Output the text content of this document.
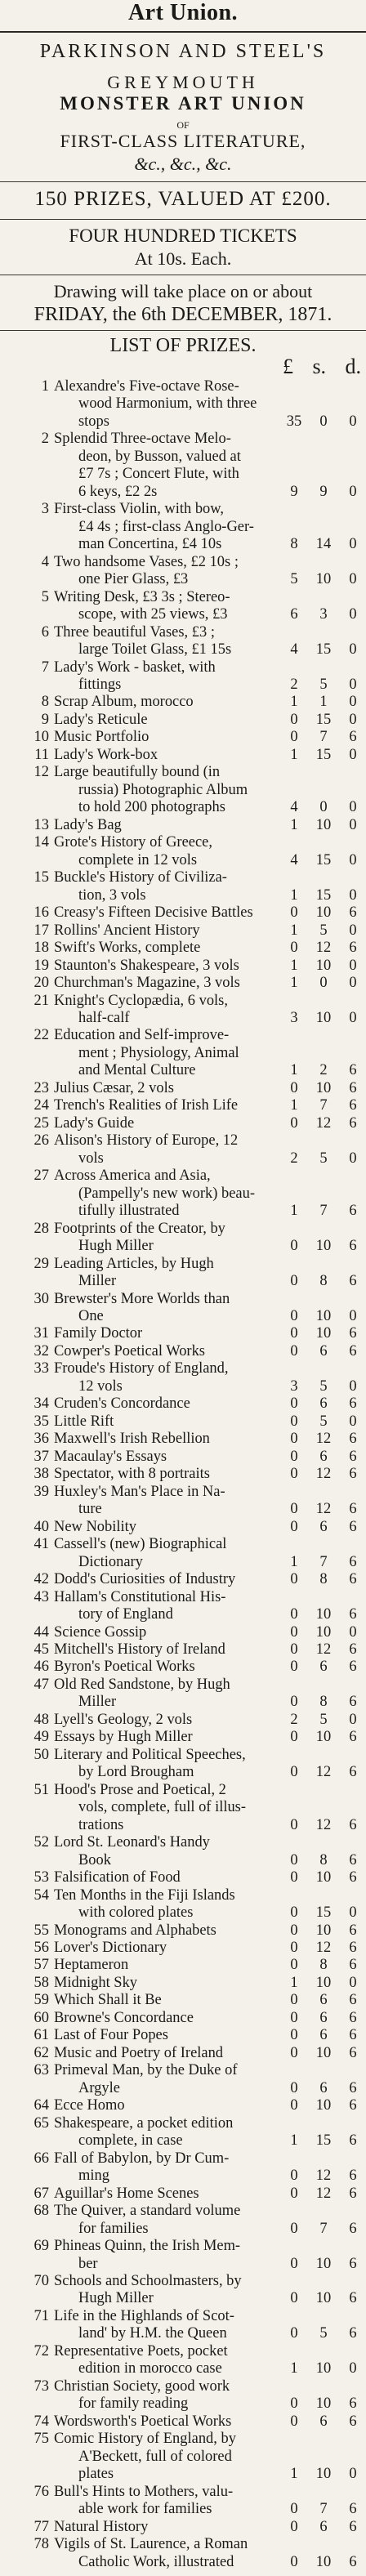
Art Union.
PARKINSON AND STEEL'S
GREYMOUTH
MONSTER ART UNION
OF
FIRST-CLASS LITERATURE,
&c., &c., &c.
150 PRIZES, VALUED AT £200.
FOUR HUNDRED TICKETS
At 10s. Each.
Drawing will take place on or about
FRIDAY, the 6th DECEMBER, 1871.
LIST OF PRIZES.
£ s. d.
1 Alexandre's Five-octave Rose-
wood Harmonium, with three
stops	35	0	0
2 Splendid Three-octave Melo-
deon, by Busson, valued at
£7 7s ; Concert Flute, with
6 keys, £2 2s	9	9	0
3 First-class Violin, with bow,
£4 4s ; first-class Anglo-Ger-
man Concertina, £4 10s	8	14	0
4 Two handsome Vases, £2 10s ;
one Pier Glass, £3	5	10	0
5 Writing Desk, £3 3s ; Stereo-
scope, with 25 views, £3	6	3	0
6 Three beautiful Vases, £3 ;
large Toilet Glass, £1 15s	4	15	0
7 Lady's Work - basket, with
fittings	2	5	0
8 Scrap Album, morocco	1	1	0
9 Lady's Reticule	0	15	0
10 Music Portfolio	0	7	6
11 Lady's Work-box	1	15	0
12 Large beautifully bound (in
russia) Photographic Album
to hold 200 photographs	4	0	0
13 Lady's Bag	1	10	0
14 Grote's History of Greece,
complete in 12 vols	4	15	0
15 Buckle's History of Civiliza-
tion, 3 vols	1	15	0
16 Creasy's Fifteen Decisive Battles	0	10	6
17 Rollins' Ancient History	1	5	0
18 Swift's Works, complete	0	12	6
19 Staunton's Shakespeare, 3 vols	1	10	0
20 Churchman's Magazine, 3 vols	1	0	0
21 Knight's Cyclopædia, 6 vols,
half-calf	3	10	0
22 Education and Self-improve-
ment ; Physiology, Animal
and Mental Culture	1	2	6
23 Julius Cæsar, 2 vols	0	10	6
24 Trench's Realities of Irish Life	1	7	6
25 Lady's Guide	0	12	6
26 Alison's History of Europe, 12
vols	2	5	0
27 Across America and Asia,
(Pampelly's new work) beau-
tifully illustrated	1	7	6
28 Footprints of the Creator, by
Hugh Miller	0	10	6
29 Leading Articles, by Hugh
Miller	0	8	6
30 Brewster's More Worlds than
One	0	10	0
31 Family Doctor	0	10	6
32 Cowper's Poetical Works	0	6	6
33 Froude's History of England,
12 vols	3	5	0
34 Cruden's Concordance	0	6	6
35 Little Rift	0	5	0
36 Maxwell's Irish Rebellion	0	12	6
37 Macaulay's Essays	0	6	6
38 Spectator, with 8 portraits	0	12	6
39 Huxley's Man's Place in Na-
ture	0	12	6
40 New Nobility	0	6	6
41 Cassell's (new) Biographical
Dictionary	1	7	6
42 Dodd's Curiosities of Industry	0	8	6
43 Hallam's Constitutional His-
tory of England	0	10	6
44 Science Gossip	0	10	0
45 Mitchell's History of Ireland	0	12	6
46 Byron's Poetical Works	0	6	6
47 Old Red Sandstone, by Hugh
Miller	0	8	6
48 Lyell's Geology, 2 vols	2	5	0
49 Essays by Hugh Miller	0	10	6
50 Literary and Political Speeches,
by Lord Brougham	0	12	6
51 Hood's Prose and Poetical, 2
vols, complete, full of illus-
trations	0	12	6
52 Lord St. Leonard's Handy
Book	0	8	6
53 Falsification of Food	0	10	6
54 Ten Months in the Fiji Islands
with colored plates	0	15	0
55 Monograms and Alphabets	0	10	6
56 Lover's Dictionary	0	12	6
57 Heptameron	0	8	6
58 Midnight Sky	1	10	0
59 Which Shall it Be	0	6	6
60 Browne's Concordance	0	6	6
61 Last of Four Popes	0	6	6
62 Music and Poetry of Ireland	0	10	6
63 Primeval Man, by the Duke of
Argyle	0	6	6
64 Ecce Homo	0	10	6
65 Shakespeare, a pocket edition
complete, in case	1	15	6
66 Fall of Babylon, by Dr Cum-
ming	0	12	6
67 Aguillar's Home Scenes	0	12	6
68 The Quiver, a standard volume
for families	0	7	6
69 Phineas Quinn, the Irish Mem-
ber	0	10	6
70 Schools and Schoolmasters, by
Hugh Miller	0	10	6
71 Life in the Highlands of Scot-
land' by H.M. the Queen	0	5	6
72 Representative Poets, pocket
edition in morocco case	1	10	0
73 Christian Society, good work
for family reading	0	10	6
74 Wordsworth's Poetical Works	0	6	6
75 Comic History of England, by
A'Beckett, full of colored
plates	1	10	0
76 Bull's Hints to Mothers, valu-
able work for families	0	7	6
77 Natural History	0	6	6
78 Vigils of St. Laurence, a Roman
Catholic Work, illustrated	0	10	6
